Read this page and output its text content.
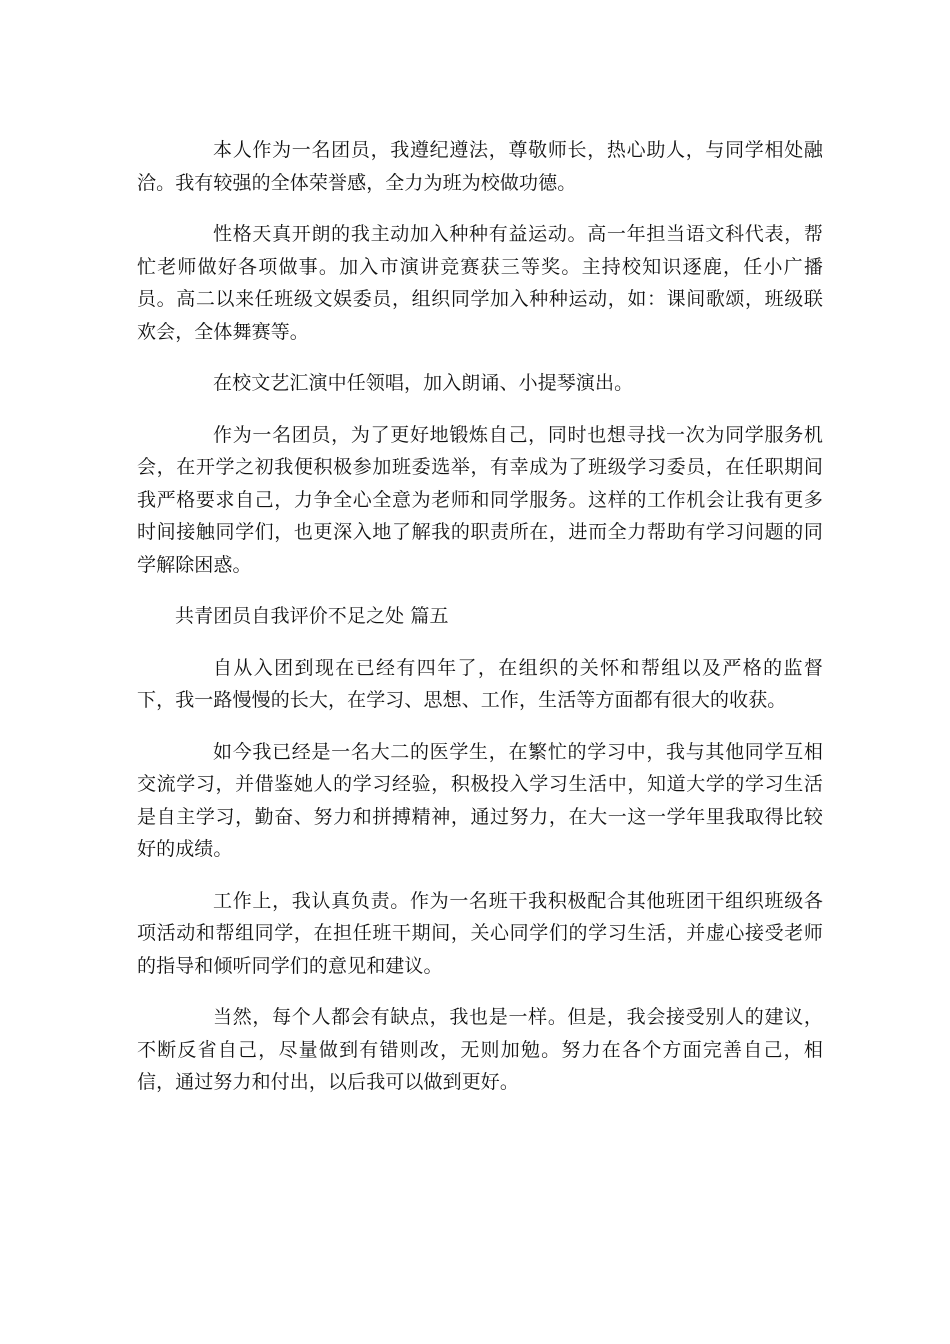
本人作为一名团员，我遵纪遵法，尊敬师长，热心助人，与同学相处融洽。我有较强的全体荣誉感，全力为班为校做功德。

性格天真开朗的我主动加入种种有益运动。高一年担当语文科代表，帮忙老师做好各项做事。加入市演讲竞赛获三等奖。主持校知识逐鹿，任小广播员。高二以来任班级文娱委员，组织同学加入种种运动，如：课间歌颂，班级联欢会，全体舞赛等。

在校文艺汇演中任领唱，加入朗诵、小提琴演出。

作为一名团员，为了更好地锻炼自己，同时也想寻找一次为同学服务机会，在开学之初我便积极参加班委选举，有幸成为了班级学习委员，在任职期间我严格要求自己，力争全心全意为老师和同学服务。这样的工作机会让我有更多时间接触同学们，也更深入地了解我的职责所在，进而全力帮助有学习问题的同学解除困惑。

共青团员自我评价不足之处 篇五

自从入团到现在已经有四年了，在组织的关怀和帮组以及严格的监督下，我一路慢慢的长大，在学习、思想、工作，生活等方面都有很大的收获。

如今我已经是一名大二的医学生，在繁忙的学习中，我与其他同学互相交流学习，并借鉴她人的学习经验，积极投入学习生活中，知道大学的学习生活是自主学习，勤奋、努力和拼搏精神，通过努力，在大一这一学年里我取得比较好的成绩。

工作上，我认真负责。作为一名班干我积极配合其他班团干组织班级各项活动和帮组同学，在担任班干期间，关心同学们的学习生活，并虚心接受老师的指导和倾听同学们的意见和建议。

当然，每个人都会有缺点，我也是一样。但是，我会接受别人的建议，不断反省自己，尽量做到有错则改，无则加勉。努力在各个方面完善自己，相信，通过努力和付出，以后我可以做到更好。
